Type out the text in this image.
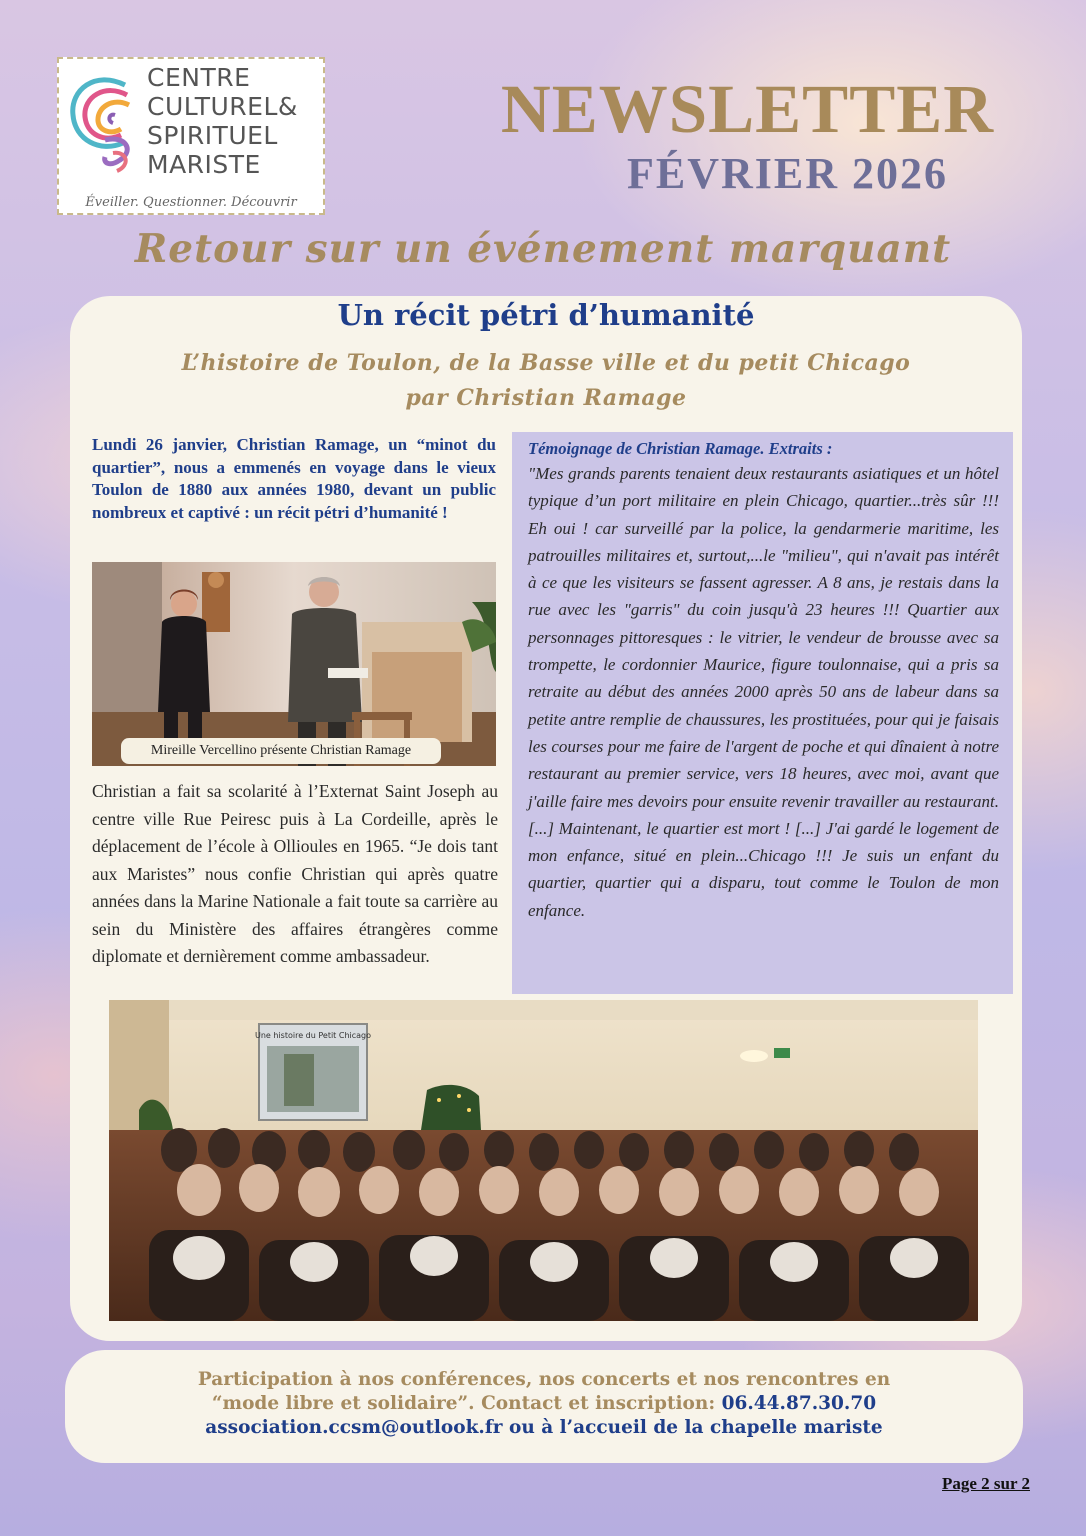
CENTRE
CULTUREL&
SPIRITUEL
MARISTE
Éveiller. Questionner. Découvrir
NEWSLETTER
FÉVRIER 2026
Retour sur un événement marquant
Un récit pétri d’humanité
L’histoire de Toulon, de la Basse ville et du petit Chicago
par Christian Ramage
Lundi 26 janvier, Christian Ramage, un “minot du quartier”, nous a emmenés en voyage dans le vieux Toulon de 1880 aux années 1980, devant un public nombreux et captivé : un récit pétri d’humanité !
Mireille Vercellino présente Christian Ramage
Christian a fait sa scolarité à l’Externat Saint Joseph au centre ville Rue Peiresc puis à La Cordeille, après le déplacement de l’école à Ollioules en 1965. “Je dois tant aux Maristes” nous confie Christian qui après quatre années dans la Marine Nationale a fait toute sa carrière au sein du Ministère des affaires étrangères comme diplomate et dernièrement comme ambassadeur.
Témoignage de Christian Ramage. Extraits :
"Mes grands parents tenaient deux restaurants asiatiques et un hôtel typique d’un port militaire en plein Chicago, quartier...très sûr !!! Eh oui ! car surveillé par la police, la gendarmerie maritime, les patrouilles militaires et, surtout,...le "milieu", qui n'avait pas intérêt à ce que les visiteurs se fassent agresser. A 8 ans, je restais dans la rue avec les "garris" du coin jusqu'à 23 heures !!! Quartier aux personnages pittoresques : le vitrier, le vendeur de brousse avec sa trompette, le cordonnier Maurice, figure toulonnaise, qui a pris sa retraite au début des années 2000 après 50 ans de labeur dans sa petite antre remplie de chaussures, les prostituées, pour qui je faisais les courses pour me faire de l'argent de poche et qui dînaient à notre restaurant au premier service, vers 18 heures, avec moi, avant que j'aille faire mes devoirs pour ensuite revenir travailler au restaurant. [...] Maintenant, le quartier est mort ! [...] J'ai gardé le logement de mon enfance, situé en plein...Chicago !!! Je suis un enfant du quartier, quartier qui a disparu, tout comme le Toulon de mon enfance.
Une histoire du Petit Chicago
Participation à nos conférences, nos concerts et nos rencontres en
“mode libre et solidaire”. Contact et inscription: 06.44.87.30.70
association.ccsm@outlook.fr ou à l’accueil de la chapelle mariste
Page 2 sur 2
